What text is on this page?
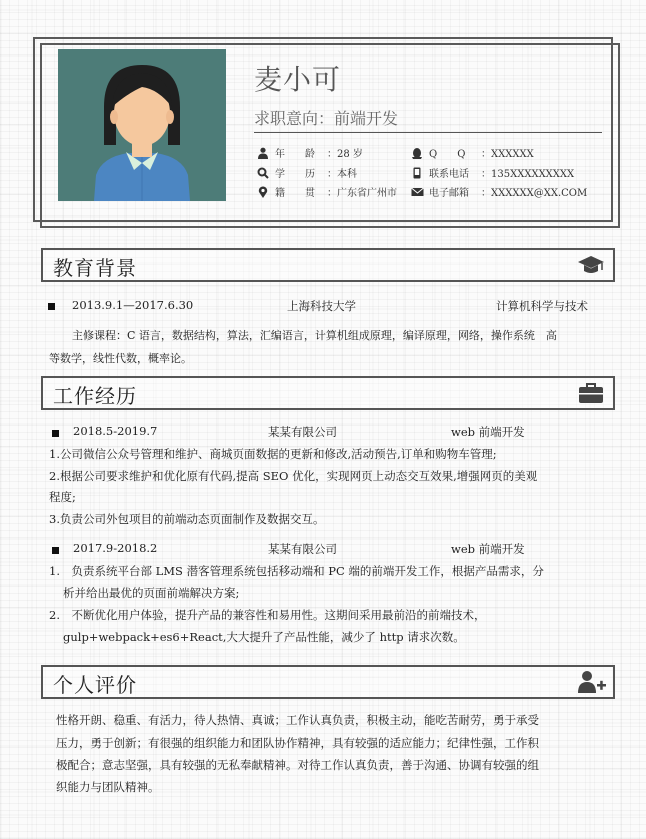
麦小可
求职意向：前端开发
年　　龄 ：28 岁
学　　历 ：本科
籍　　贯 ：广东省广州市
Q　　Q ：XXXXXX
联系电话 ：135XXXXXXXXX
电子邮箱 ：XXXXXX@XX.COM
教育背景
2013.9.1—2017.6.30	上海科技大学	计算机科学与技术
主修课程：C 语言，数据结构，算法，汇编语言，计算机组成原理，编译原理，网络，操作系统　高
等数学，线性代数，概率论。
工作经历
2018.5-2019.7	某某有限公司	web 前端开发
1.公司微信公众号管理和维护、商城页面数据的更新和修改,活动预告,订单和购物车管理;
2.根据公司要求维护和优化原有代码,提高 SEO 优化，实现网页上动态交互效果,增强网页的美观
程度;
3.负责公司外包项目的前端动态页面制作及数据交互。
2017.9-2018.2	某某有限公司	web 前端开发
1.　负责系统平台部 LMS 潜客管理系统包括移动端和 PC 端的前端开发工作，根据产品需求，分
析并给出最优的页面前端解决方案;
2.　不断优化用户体验，提升产品的兼容性和易用性。这期间采用最前沿的前端技术，
gulp+webpack+es6+React,大大提升了产品性能，减少了 http 请求次数。
个人评价
性格开朗、稳重、有活力，待人热情、真诚；工作认真负责，积极主动，能吃苦耐劳，勇于承受
压力，勇于创新；有很强的组织能力和团队协作精神，具有较强的适应能力；纪律性强，工作积
极配合；意志坚强，具有较强的无私奉献精神。对待工作认真负责，善于沟通、协调有较强的组
织能力与团队精神。
